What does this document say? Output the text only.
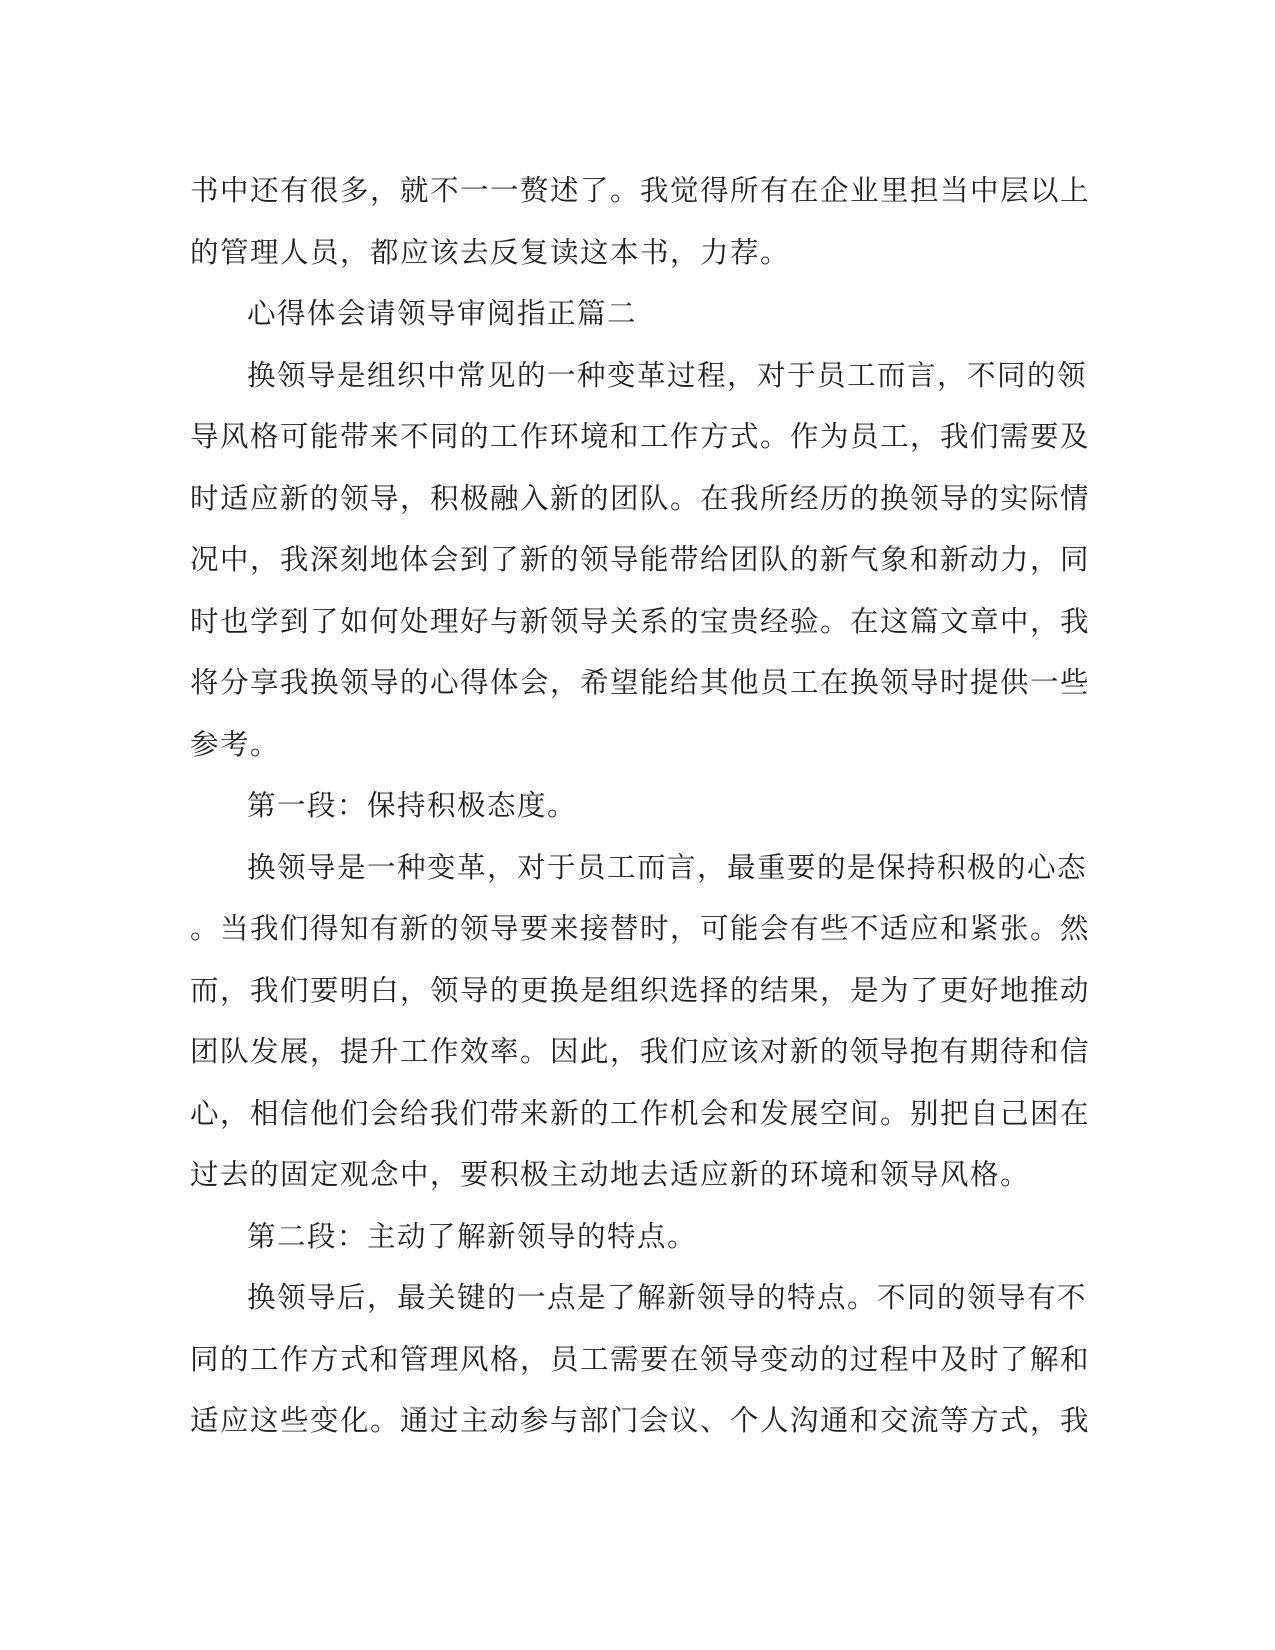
书中还有很多，就不一一赘述了。我觉得所有在企业里担当中层以上
的管理人员，都应该去反复读这本书，力荐。

心得体会请领导审阅指正篇二

换领导是组织中常见的一种变革过程，对于员工而言，不同的领
导风格可能带来不同的工作环境和工作方式。作为员工，我们需要及
时适应新的领导，积极融入新的团队。在我所经历的换领导的实际情
况中，我深刻地体会到了新的领导能带给团队的新气象和新动力，同
时也学到了如何处理好与新领导关系的宝贵经验。在这篇文章中，我
将分享我换领导的心得体会，希望能给其他员工在换领导时提供一些
参考。

第一段：保持积极态度。

换领导是一种变革，对于员工而言，最重要的是保持积极的心态
。当我们得知有新的领导要来接替时，可能会有些不适应和紧张。然
而，我们要明白，领导的更换是组织选择的结果，是为了更好地推动
团队发展，提升工作效率。因此，我们应该对新的领导抱有期待和信
心，相信他们会给我们带来新的工作机会和发展空间。别把自己困在
过去的固定观念中，要积极主动地去适应新的环境和领导风格。

第二段：主动了解新领导的特点。

换领导后，最关键的一点是了解新领导的特点。不同的领导有不
同的工作方式和管理风格，员工需要在领导变动的过程中及时了解和
适应这些变化。通过主动参与部门会议、个人沟通和交流等方式，我
